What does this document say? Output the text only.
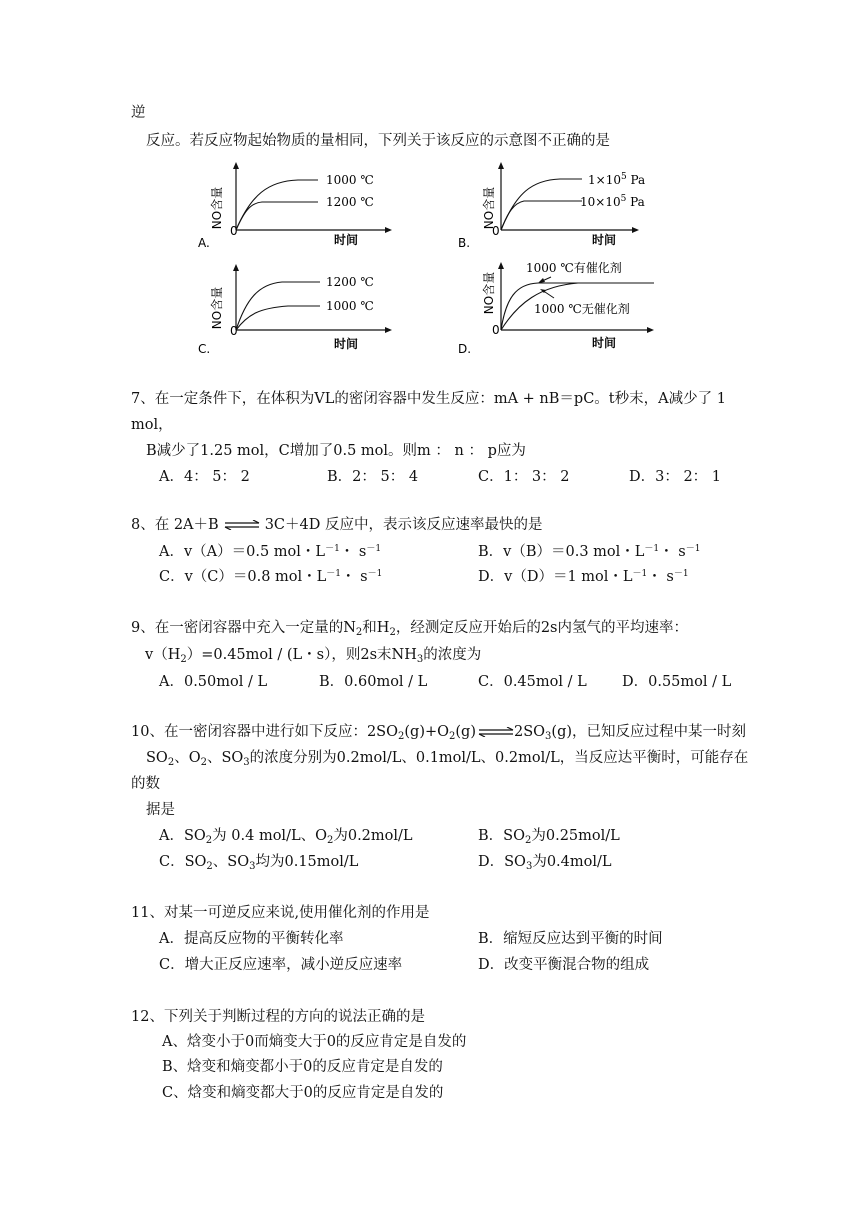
逆
反应。若反应物起始物质的量相同，下列关于该反应的示意图不正确的是
NO含量
0
1000 ℃
1200 ℃
时间
A.
NO含量
0
$1\times 10^5$ Pa
$10\times 10^5$ Pa
时间
B.
NO含量
0
1200 ℃
1000 ℃
时间
C.
NO含量
0
1000 ℃有催化剂
1000 ℃无催化剂
时间
D.
7、在一定条件下，在体积为VL的密闭容器中发生反应：mA + nB＝pC。t秒末，A减少了 1
mol，
B减少了1.25 mol，C增加了0.5 mol。则m ： n ： p应为
A．4： 5： 2	B．2： 5： 4	C．1： 3： 2	D．3： 2： 1
8、在 2A＋B ⇌ 3C＋4D 反应中，表示该反应速率最快的是
A．v（A）＝0.5 mol・$L^{-1}$・ $s^{-1}$	B．v（B）＝0.3 mol・$L^{-1}$・ $s^{-1}$
C．v（C）＝0.8 mol・$L^{-1}$・ $s^{-1}$	D．v（D）＝1 mol・$L^{-1}$・ $s^{-1}$
9、在一密闭容器中充入一定量的$N_2$和$H_2$，经测定反应开始后的2s内氢气的平均速率：
$v(H_2)=0.45mol / (L$・s），则2s末$NH_3$的浓度为
A．0.50mol / L	B．0.60mol / L	C．0.45mol / L D．0.55mol / L
10、在一密闭容器中进行如下反应：$2SO_2(g)+O_2(g)$ $\rightleftharpoons 2SO_3(g)$，已知反应过程中某一时刻
$SO_2$、$O_2$、$SO_3$的浓度分别为0.2mol/L、0.1mol/L、0.2mol/L，当反应达平衡时，可能存在
的数
据是
A．$SO_2$为 0.4 mol/L、$O_2$为0.2mol/L	B．$SO_2$为0.25mol/L
C．$SO_2$、$SO_3$均为0.15mol/L	D．$SO_3$为0.4mol/L
11、对某一可逆反应来说,使用催化剂的作用是
A．提高反应物的平衡转化率	B．缩短反应达到平衡的时间
C．增大正反应速率，减小逆反应速率	D．改变平衡混合物的组成
12、下列关于判断过程的方向的说法正确的是
A、焓变小于0而熵变大于0的反应肯定是自发的
B、焓变和熵变都小于0的反应肯定是自发的
C、焓变和熵变都大于0的反应肯定是自发的
